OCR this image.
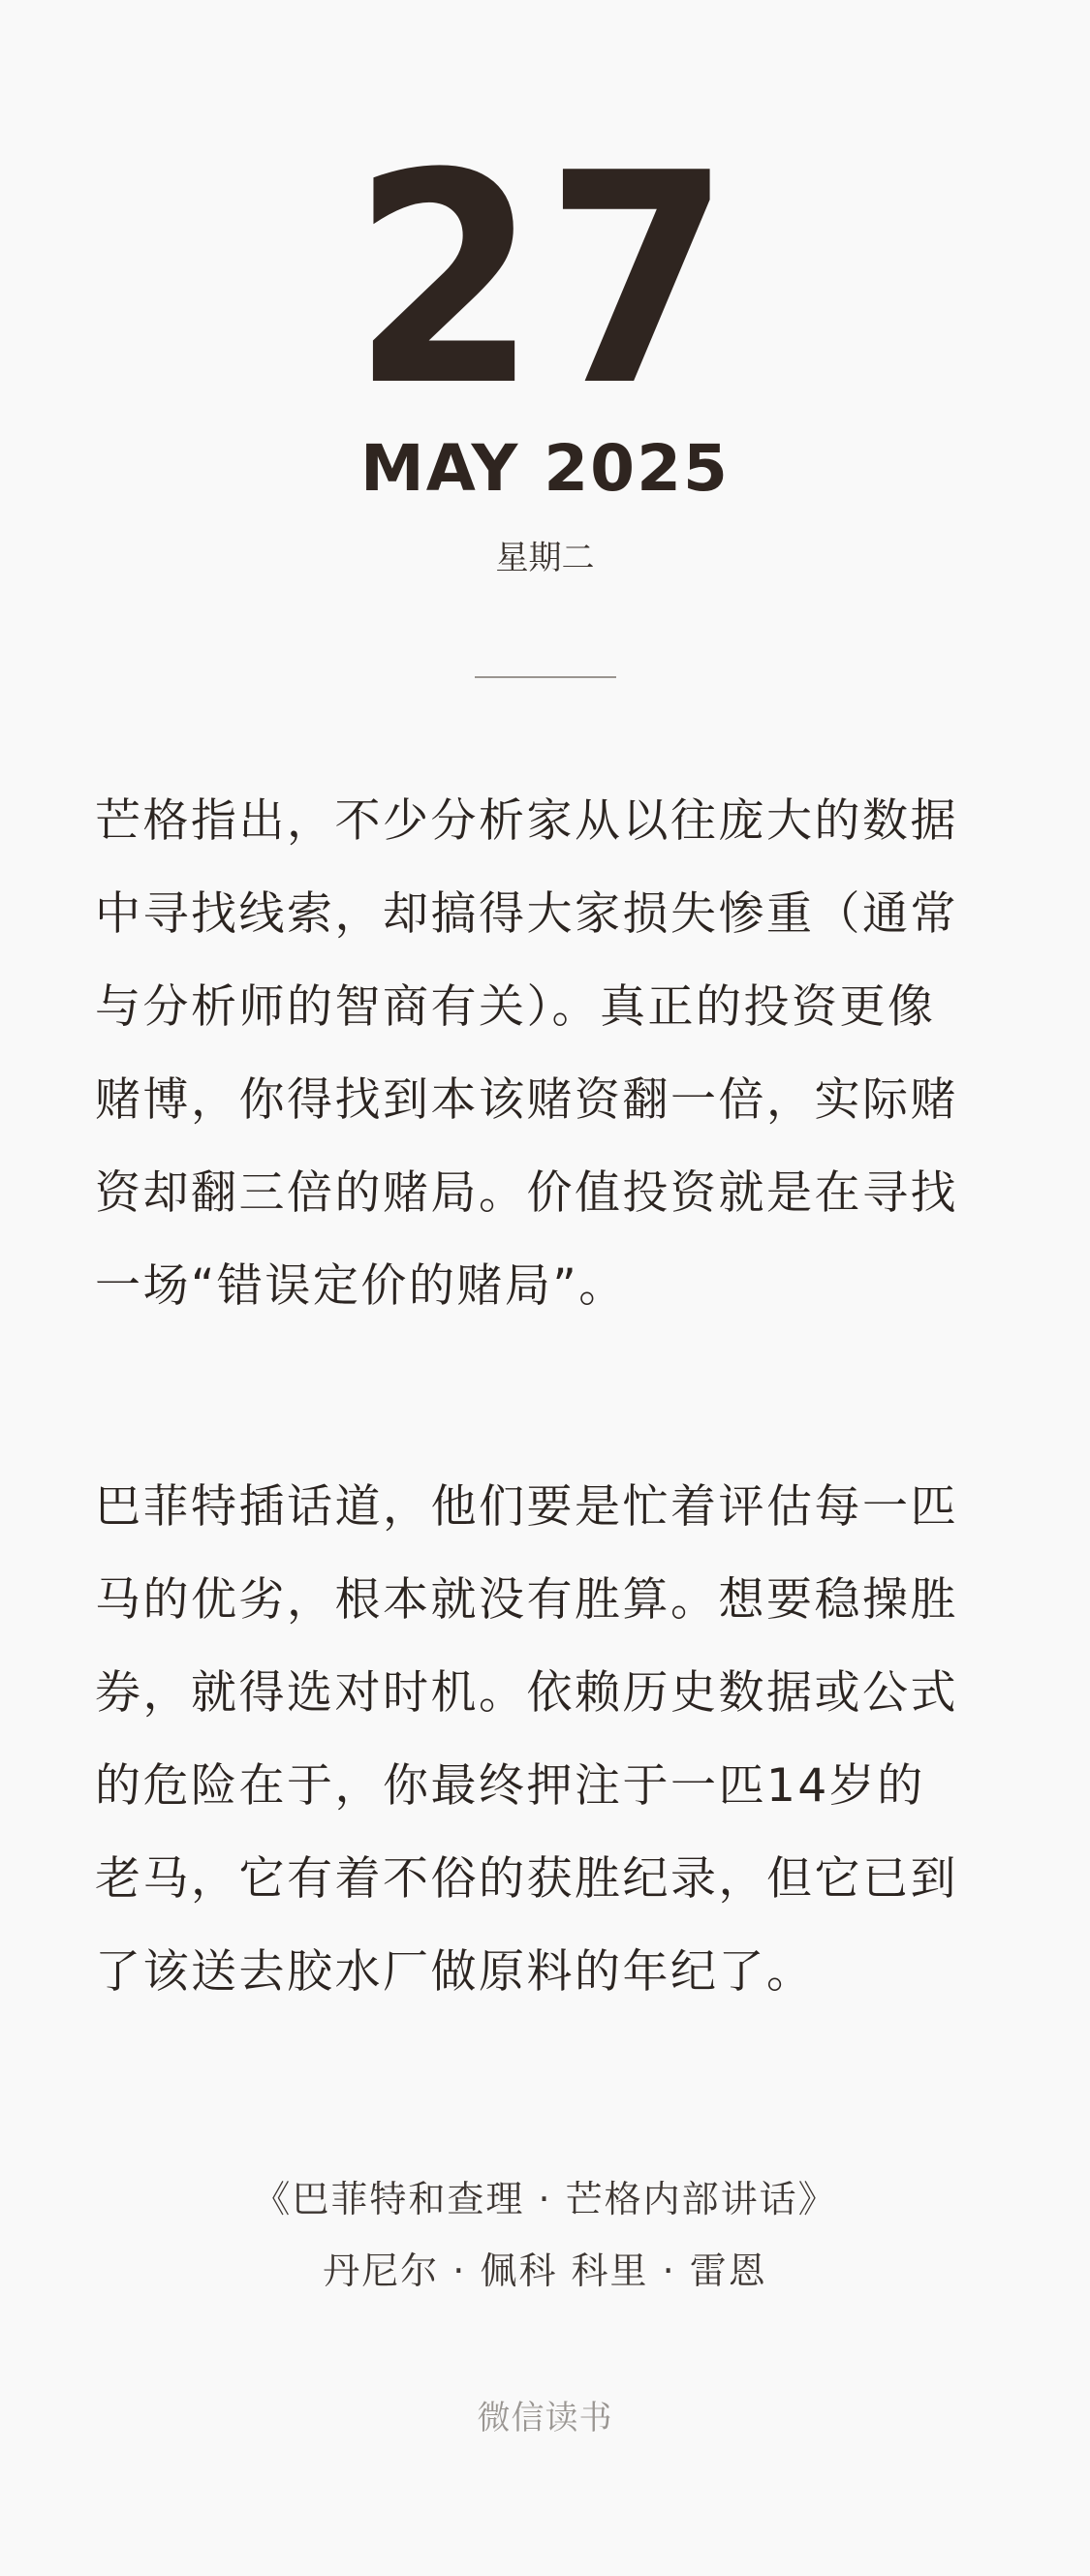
27
MAY 2025
星期二

芒格指出，不少分析家从以往庞大的数据中寻找线索，却搞得大家损失惨重（通常与分析师的智商有关）。真正的投资更像赌博，你得找到本该赌资翻一倍，实际赌资却翻三倍的赌局。价值投资就是在寻找一场“错误定价的赌局”。

巴菲特插话道，他们要是忙着评估每一匹马的优劣，根本就没有胜算。想要稳操胜券，就得选对时机。依赖历史数据或公式的危险在于，你最终押注于一匹14岁的老马，它有着不俗的获胜纪录，但它已到了该送去胶水厂做原料的年纪了。

《巴菲特和查理 · 芒格内部讲话》
丹尼尔 · 佩科 科里 · 雷恩
微信读书
